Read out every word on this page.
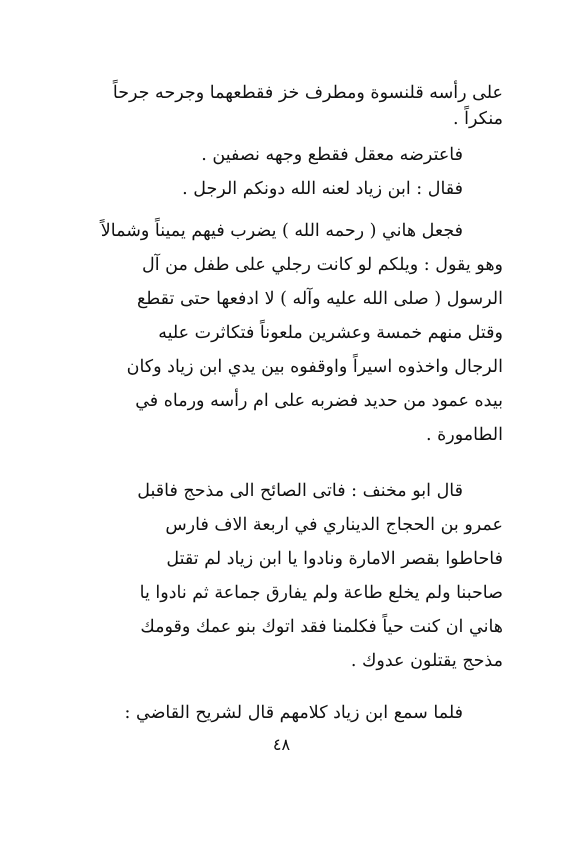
على رأسه قلنسوة ومطرف خز فقطعهما وجرحه جرحاً
منكراً .
فاعترضه معقل فقطع وجهه نصفين .
فقال : ابن زياد لعنه الله دونكم الرجل .
فجعل هاني ( رحمه الله ) يضرب فيهم يميناً وشمالاً
وهو يقول : ويلكم لو كانت رجلي على طفل من آل
الرسول ( صلى الله عليه وآله ) لا ادفعها حتى تقطع
وقتل منهم خمسة وعشرين ملعوناً فتكاثرت عليه
الرجال واخذوه اسيراً واوقفوه بين يدي ابن زياد وكان
بيده عمود من حديد فضربه على ام رأسه ورماه في
الطامورة .
قال ابو مخنف : فاتى الصائح الى مذحج فاقبل
عمرو بن الحجاج الديناري في اربعة الاف فارس
فاحاطوا بقصر الامارة ونادوا يا ابن زياد لم تقتل
صاحبنا ولم يخلع طاعة ولم يفارق جماعة ثم نادوا يا
هاني ان كنت حياً فكلمنا فقد اتوك بنو عمك وقومك
مذحج يقتلون عدوك .
فلما سمع ابن زياد كلامهم قال لشريح القاضي :
٤٨
